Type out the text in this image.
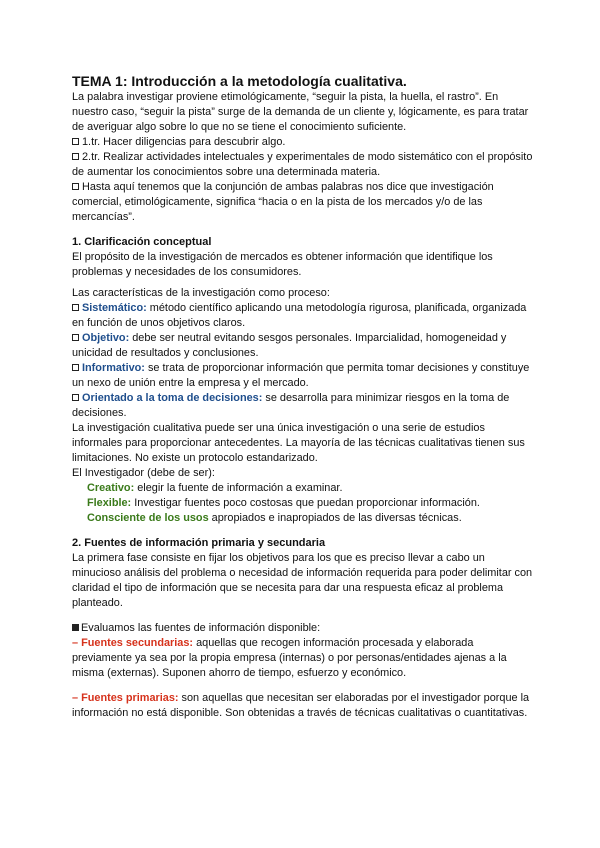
TEMA 1: Introducción a la metodología cualitativa.

La palabra investigar proviene etimológicamente, “seguir la pista, la huella, el rastro”. En nuestro caso, “seguir la pista” surge de la demanda de un cliente y, lógicamente, es para tratar de averiguar algo sobre lo que no se tiene el conocimiento suficiente.

1.tr. Hacer diligencias para descubrir algo.

2.tr. Realizar actividades intelectuales y experimentales de modo sistemático con el propósito de aumentar los conocimientos sobre una determinada materia.

Hasta aquí tenemos que la conjunción de ambas palabras nos dice que investigación comercial, etimológicamente, significa “hacia o en la pista de los mercados y/o de las mercancías”.

1. Clarificación conceptual

El propósito de la investigación de mercados es obtener información que identifique los problemas y necesidades de los consumidores.

Las características de la investigación como proceso:

Sistemático: método científico aplicando una metodología rigurosa, planificada, organizada en función de unos objetivos claros.

Objetivo: debe ser neutral evitando sesgos personales. Imparcialidad, homogeneidad y unicidad de resultados y conclusiones.

Informativo: se trata de proporcionar información que permita tomar decisiones y constituye un nexo de unión entre la empresa y el mercado.

Orientado a la toma de decisiones: se desarrolla para minimizar riesgos en la toma de decisiones.

La investigación cualitativa puede ser una única investigación o una serie de estudios informales para proporcionar antecedentes. La mayoría de las técnicas cualitativas tienen sus limitaciones. No existe un protocolo estandarizado.

El Investigador (debe de ser):

Creativo: elegir la fuente de información a examinar.

Flexible: Investigar fuentes poco costosas que puedan proporcionar información.

Consciente de los usos apropiados e inapropiados de las diversas técnicas.

2. Fuentes de información primaria y secundaria

La primera fase consiste en fijar los objetivos para los que es preciso llevar a cabo un minucioso análisis del problema o necesidad de información requerida para poder delimitar con claridad el tipo de información que se necesita para dar una respuesta eficaz al problema planteado.

Evaluamos las fuentes de información disponible:

– Fuentes secundarias: aquellas que recogen información procesada y elaborada previamente ya sea por la propia empresa (internas) o por personas/entidades ajenas a la misma (externas). Suponen ahorro de tiempo, esfuerzo y económico.

– Fuentes primarias: son aquellas que necesitan ser elaboradas por el investigador porque la información no está disponible. Son obtenidas a través de técnicas cualitativas o cuantitativas.
